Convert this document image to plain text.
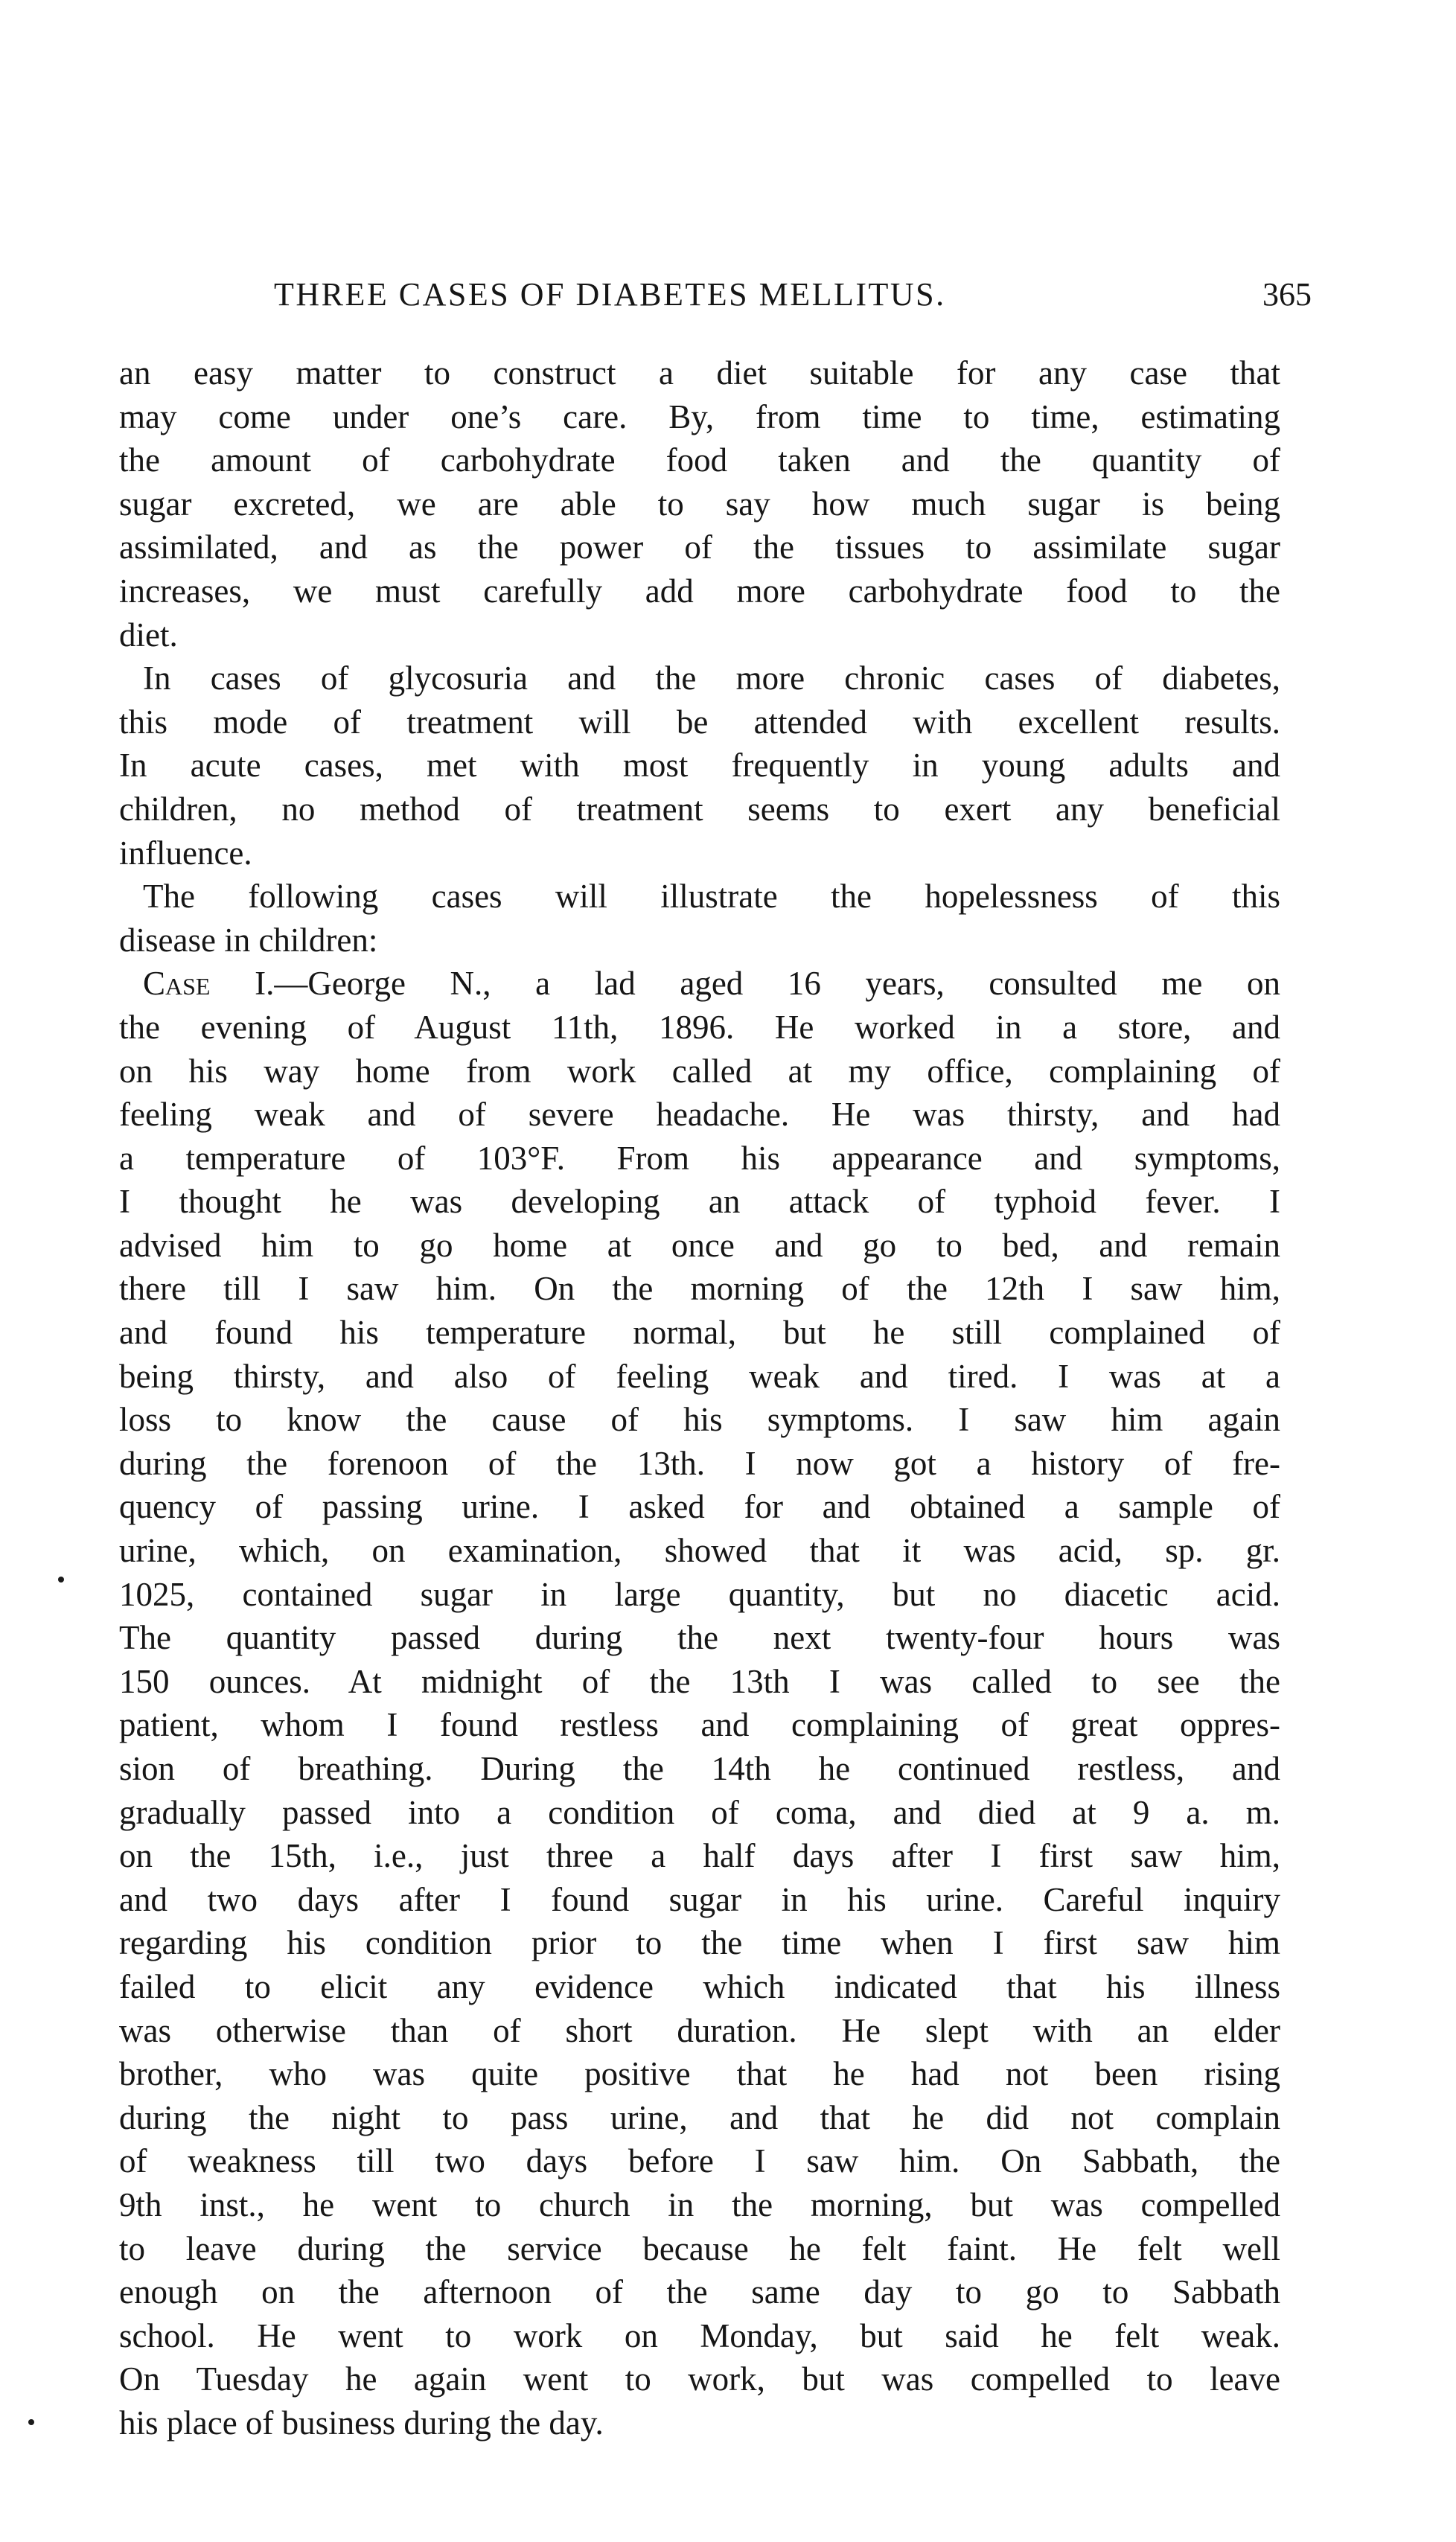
THREE CASES OF DIABETES MELLITUS.	365
an easy matter to construct a diet suitable for any case that
may come under one’s care. By, from time to time, estimating
the amount of carbohydrate food taken and the quantity of
sugar excreted, we are able to say how much sugar is being
assimilated, and as the power of the tissues to assimilate sugar
increases, we must carefully add more carbohydrate food to the
diet.
In cases of glycosuria and the more chronic cases of diabetes,
this mode of treatment will be attended with excellent results.
In acute cases, met with most frequently in young adults and
children, no method of treatment seems to exert any beneficial
influence.
The following cases will illustrate the hopelessness of this
disease in children:
Case I.—George N., a lad aged 16 years, consulted me on
the evening of August 11th, 1896. He worked in a store, and
on his way home from work called at my office, complaining of
feeling weak and of severe headache. He was thirsty, and had
a temperature of 103°F. From his appearance and symptoms,
I thought he was developing an attack of typhoid fever. I
advised him to go home at once and go to bed, and remain
there till I saw him. On the morning of the 12th I saw him,
and found his temperature normal, but he still complained of
being thirsty, and also of feeling weak and tired. I was at a
loss to know the cause of his symptoms. I saw him again
during the forenoon of the 13th. I now got a history of fre-
quency of passing urine. I asked for and obtained a sample of
urine, which, on examination, showed that it was acid, sp. gr.
1025, contained sugar in large quantity, but no diacetic acid.
The quantity passed during the next twenty-four hours was
150 ounces. At midnight of the 13th I was called to see the
patient, whom I found restless and complaining of great oppres-
sion of breathing. During the 14th he continued restless, and
gradually passed into a condition of coma, and died at 9 a. m.
on the 15th, i.e., just three a half days after I first saw him,
and two days after I found sugar in his urine. Careful inquiry
regarding his condition prior to the time when I first saw him
failed to elicit any evidence which indicated that his illness
was otherwise than of short duration. He slept with an elder
brother, who was quite positive that he had not been rising
during the night to pass urine, and that he did not complain
of weakness till two days before I saw him. On Sabbath, the
9th inst., he went to church in the morning, but was compelled
to leave during the service because he felt faint. He felt well
enough on the afternoon of the same day to go to Sabbath
school. He went to work on Monday, but said he felt weak.
On Tuesday he again went to work, but was compelled to leave
his place of business during the day.
